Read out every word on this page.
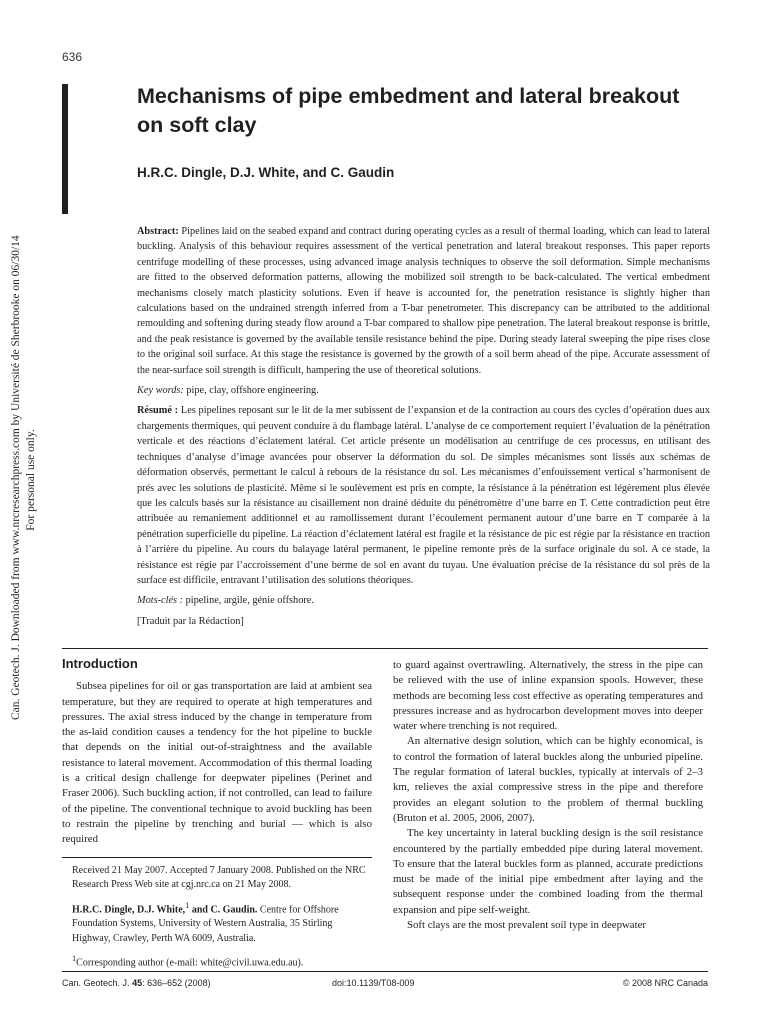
636
Mechanisms of pipe embedment and lateral breakout on soft clay

H.R.C. Dingle, D.J. White, and C. Gaudin

Can. Geotech. J. Downloaded from www.nrcresearchpress.com by Université de Sherbrooke on 06/30/14 For personal use only.

Abstract: Pipelines laid on the seabed expand and contract during operating cycles as a result of thermal loading, which can lead to lateral buckling. Analysis of this behaviour requires assessment of the vertical penetration and lateral breakout responses. This paper reports centrifuge modelling of these processes, using advanced image analysis techniques to observe the soil deformation. Simple mechanisms are fitted to the observed deformation patterns, allowing the mobilized soil strength to be back-calculated. The vertical embedment mechanisms closely match plasticity solutions. Even if heave is accounted for, the penetration resistance is slightly higher than calculations based on the undrained strength inferred from a T-bar penetrometer. This discrepancy can be attributed to the additional remoulding and softening during steady flow around a T-bar compared to shallow pipe penetration. The lateral breakout response is brittle, and the peak resistance is governed by the available tensile resistance behind the pipe. During steady lateral sweeping the pipe rises close to the original soil surface. At this stage the resistance is governed by the growth of a soil berm ahead of the pipe. Accurate assessment of the near-surface soil strength is difficult, hampering the use of theoretical solutions.

Key words: pipe, clay, offshore engineering.

Résumé : Les pipelines reposant sur le lit de la mer subissent de l’expansion et de la contraction au cours des cycles d’opération dues aux chargements thermiques, qui peuvent conduire à du flambage latéral. L’analyse de ce comportement requiert l’évaluation de la pénétration verticale et des réactions d’éclatement latéral. Cet article présente un modélisation au centrifuge de ces processus, en utilisant des techniques d’analyse d’image avancées pour observer la déformation du sol. De simples mécanismes sont lissés aux schémas de déformation observés, permettant le calcul à rebours de la résistance du sol. Les mécanismes d’enfouissement vertical s’harmonisent de prés avec les solutions de plasticité. Même si le soulèvement est pris en compte, la résistance à la pénétration est légèrement plus élevée que les calculs basés sur la résistance au cisaillement non drainé déduite du pénétromètre d’une barre en T. Cette contradiction peut être attribuée au remaniement additionnel et au ramollissement durant l’écoulement permanent autour d’une barre en T comparée à la pénétration superficielle du pipeline. La réaction d’éclatement latéral est fragile et la résistance de pic est régie par la résistance en traction à l’arrière du pipeline. Au cours du balayage latéral permanent, le pipeline remonte près de la surface originale du sol. A ce stade, la résistance est régie par l’accroissement d’une berme de sol en avant du tuyau. Une évaluation précise de la résistance du sol près de la surface est difficile, entravant l’utilisation des solutions théoriques.

Mots-clés : pipeline, argile, génie offshore.

[Traduit par la Rédaction]

Introduction

Subsea pipelines for oil or gas transportation are laid at ambient sea temperature, but they are required to operate at high temperatures and pressures. The axial stress induced by the change in temperature from the as-laid condition causes a tendency for the hot pipeline to buckle that depends on the initial out-of-straightness and the available resistance to lateral movement. Accommodation of this thermal loading is a critical design challenge for deepwater pipelines (Perinet and Fraser 2006). Such buckling action, if not controlled, can lead to failure of the pipeline. The conventional technique to avoid buckling has been to restrain the pipeline by trenching and burial — which is also required

to guard against overtrawling. Alternatively, the stress in the pipe can be relieved with the use of inline expansion spools. However, these methods are becoming less cost effective as operating temperatures and pressures increase and as hydrocarbon development moves into deeper water where trenching is not required.

An alternative design solution, which can be highly economical, is to control the formation of lateral buckles along the unburied pipeline. The regular formation of lateral buckles, typically at intervals of 2–3 km, relieves the axial compressive stress in the pipe and therefore provides an elegant solution to the problem of thermal buckling (Bruton et al. 2005, 2006, 2007).

The key uncertainty in lateral buckling design is the soil resistance encountered by the partially embedded pipe during lateral movement. To ensure that the lateral buckles form as planned, accurate predictions must be made of the initial pipe embedment after laying and the subsequent response under the combined loading from the thermal expansion and pipe self-weight.

Soft clays are the most prevalent soil type in deepwater

Received 21 May 2007. Accepted 7 January 2008. Published on the NRC Research Press Web site at cgj.nrc.ca on 21 May 2008.

H.R.C. Dingle, D.J. White,$^1$ and C. Gaudin. Centre for Offshore Foundation Systems, University of Western Australia, 35 Stirling Highway, Crawley, Perth WA 6009, Australia.

$^1$Corresponding author (e-mail: white@civil.uwa.edu.au).

Can. Geotech. J. 45: 636–652 (2008)	doi:10.1139/T08-009	© 2008 NRC Canada
